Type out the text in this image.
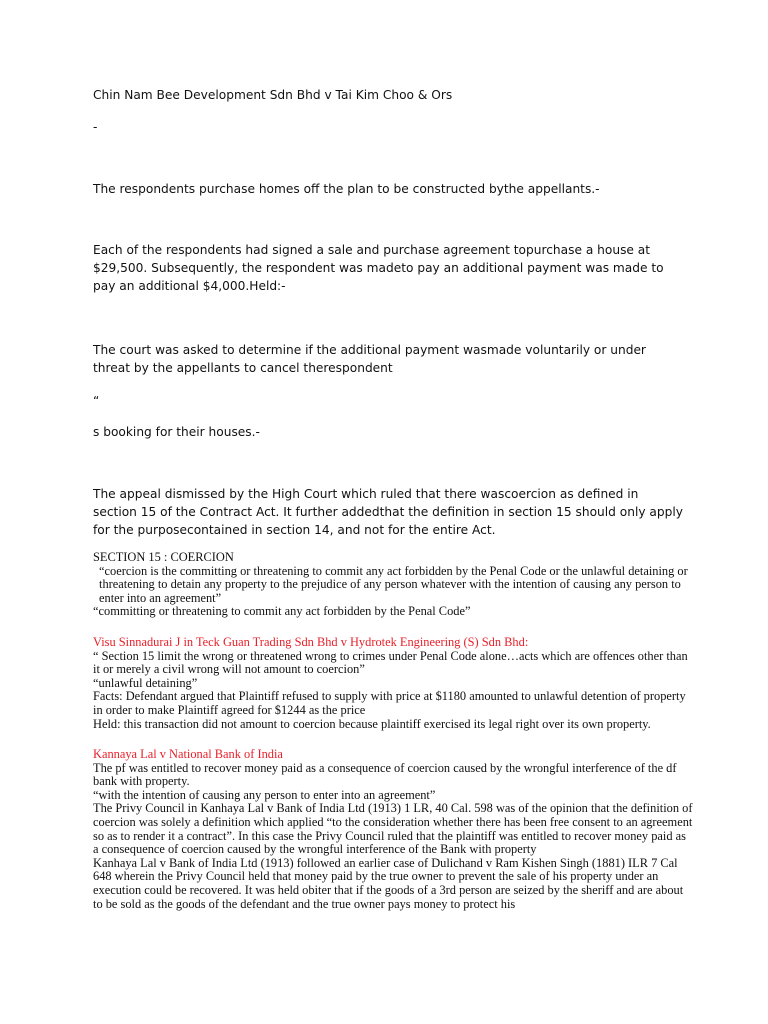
Chin Nam Bee Development Sdn Bhd v Tai Kim Choo & Ors
-

The respondents purchase homes off the plan to be constructed bythe appellants.-

Each of the respondents had signed a sale and purchase agreement topurchase a house at $29,500. Subsequently, the respondent was madeto pay an additional payment was made to pay an additional $4,000.Held:-

The court was asked to determine if the additional payment wasmade voluntarily or under threat by the appellants to cancel therespondent

“

s booking for their houses.-

The appeal dismissed by the High Court which ruled that there wascoercion as defined in section 15 of the Contract Act. It further addedthat the definition in section 15 should only apply for the purposecontained in section 14, and not for the entire Act.

SECTION 15 : COERCION

“coercion is the committing or threatening to commit any act forbidden by the Penal Code or the unlawful detaining or threatening to detain any property to the prejudice of any person whatever with the intention of causing any person to enter into an agreement”

“committing or threatening to commit any act forbidden by the Penal Code”

Visu Sinnadurai J in Teck Guan Trading Sdn Bhd v Hydrotek Engineering (S) Sdn Bhd:

“ Section 15 limit the wrong or threatened wrong to crimes under Penal Code alone…acts which are offences other than it or merely a civil wrong will not amount to coercion”

“unlawful detaining”

Facts: Defendant argued that Plaintiff refused to supply with price at $1180 amounted to unlawful detention of property in order to make Plaintiff agreed for $1244 as the price

Held: this transaction did not amount to coercion because plaintiff exercised its legal right over its own property.

Kannaya Lal v National Bank of India

The pf was entitled to recover money paid as a consequence of coercion caused by the wrongful interference of the df bank with property.

“with the intention of causing any person to enter into an agreement”

The Privy Council in Kanhaya Lal v Bank of India Ltd (1913) 1 LR, 40 Cal. 598 was of the opinion that the definition of coercion was solely a definition which applied “to the consideration whether there has been free consent to an agreement so as to render it a contract”. In this case the Privy Council ruled that the plaintiff was entitled to recover money paid as a consequence of coercion caused by the wrongful interference of the Bank with property

Kanhaya Lal v Bank of India Ltd (1913) followed an earlier case of Dulichand v Ram Kishen Singh (1881) ILR 7 Cal 648 wherein the Privy Council held that money paid by the true owner to prevent the sale of his property under an execution could be recovered. It was held obiter that if the goods of a 3rd person are seized by the sheriff and are about to be sold as the goods of the defendant and the true owner pays money to protect his
